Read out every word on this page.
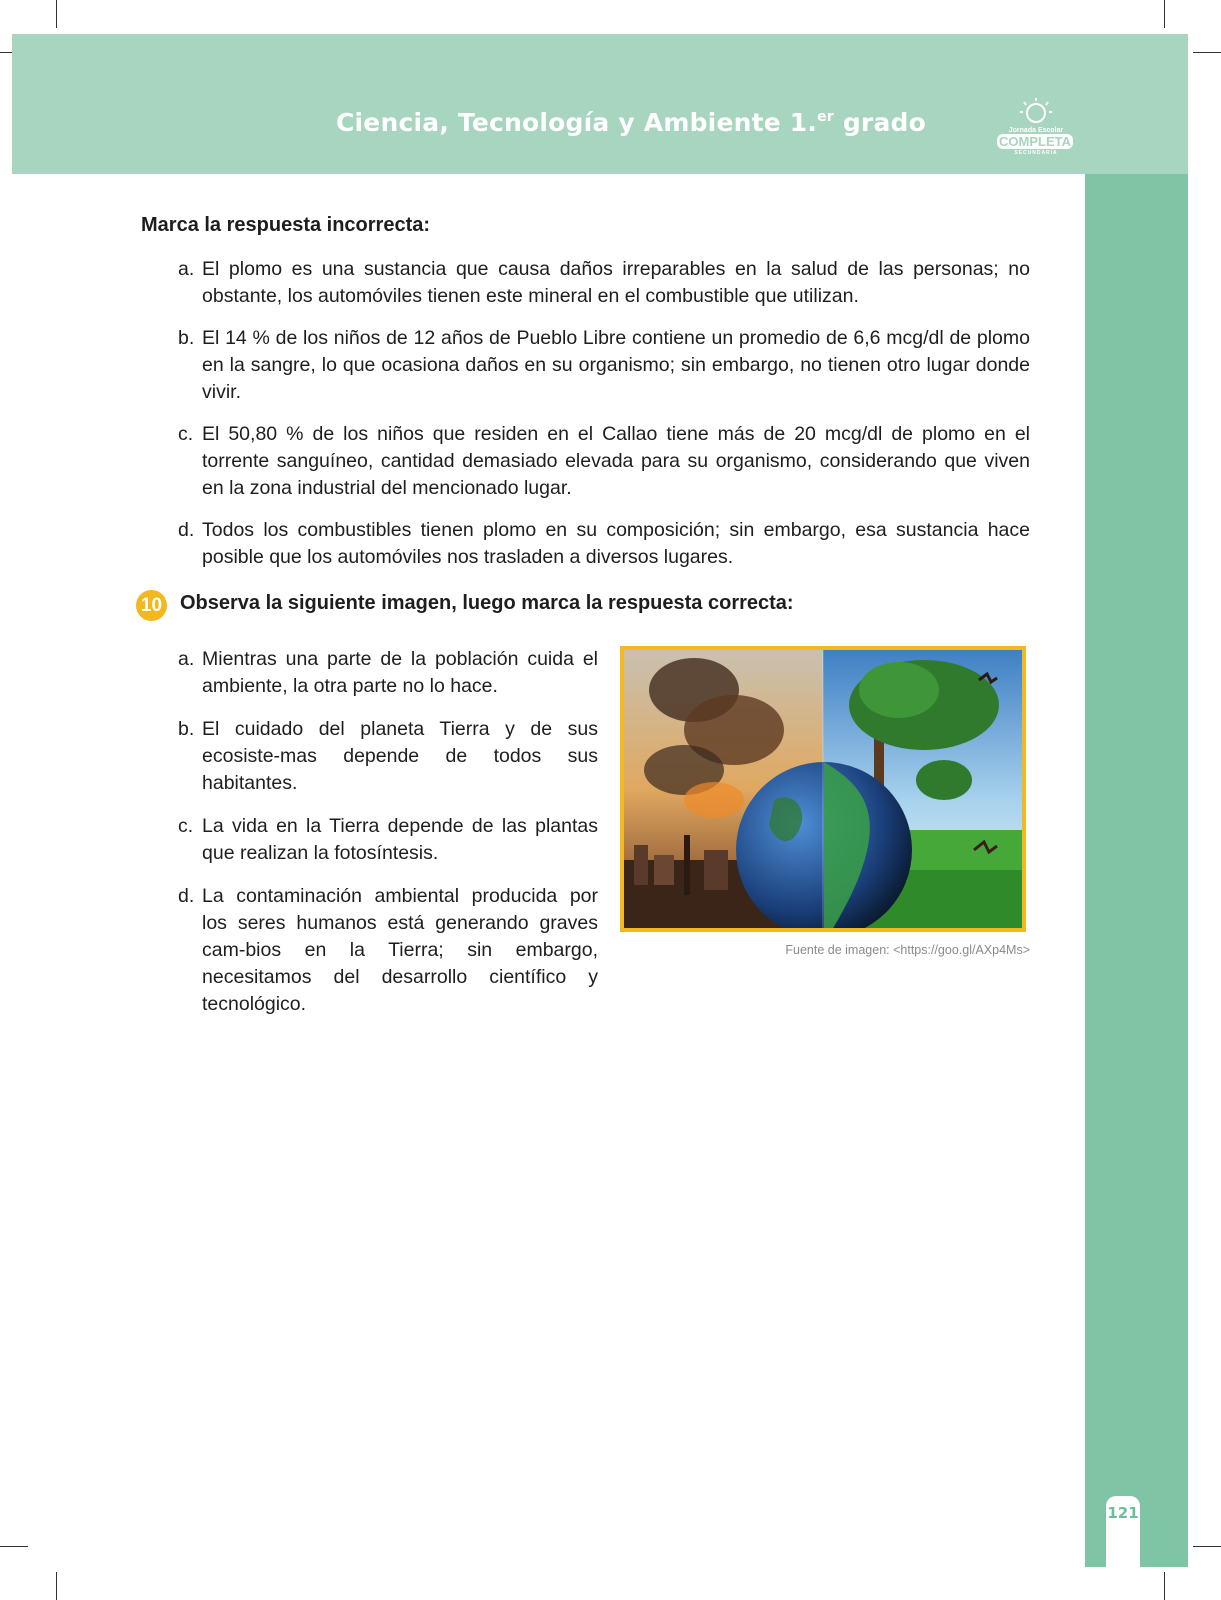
Ciencia, Tecnología y Ambiente 1.$^{er}$ grado	Jornada Escolar
COMPLETA
SECUNDARIA
121
Marca la respuesta incorrecta:
a. El plomo es una sustancia que causa daños irreparables en la salud de las personas; no obstante, los automóviles tienen este mineral en el combustible que utilizan.
b. El 14 % de los niños de 12 años de Pueblo Libre contiene un promedio de 6,6 mcg/dl de plomo en la sangre, lo que ocasiona daños en su organismo; sin embargo, no tienen otro lugar donde vivir.
c. El 50,80 % de los niños que residen en el Callao tiene más de 20 mcg/dl de plomo en el torrente sanguíneo, cantidad demasiado elevada para su organismo, considerando que viven en la zona industrial del mencionado lugar.
d. Todos los combustibles tienen plomo en su composición; sin embargo, esa sustancia hace posible que los automóviles nos trasladen a diversos lugares.
10 Observa la siguiente imagen, luego marca la respuesta correcta:
a. Mientras una parte de la población cuida el ambiente, la otra parte no lo hace.
b. El cuidado del planeta Tierra y de sus ecosiste-mas depende de todos sus habitantes.
c. La vida en la Tierra depende de las plantas que realizan la fotosíntesis.
d. La contaminación ambiental producida por los seres humanos está generando graves cam-bios en la Tierra; sin embargo, necesitamos del desarrollo científico y tecnológico.
Fuente de imagen: <https://goo.gl/AXp4Ms>
